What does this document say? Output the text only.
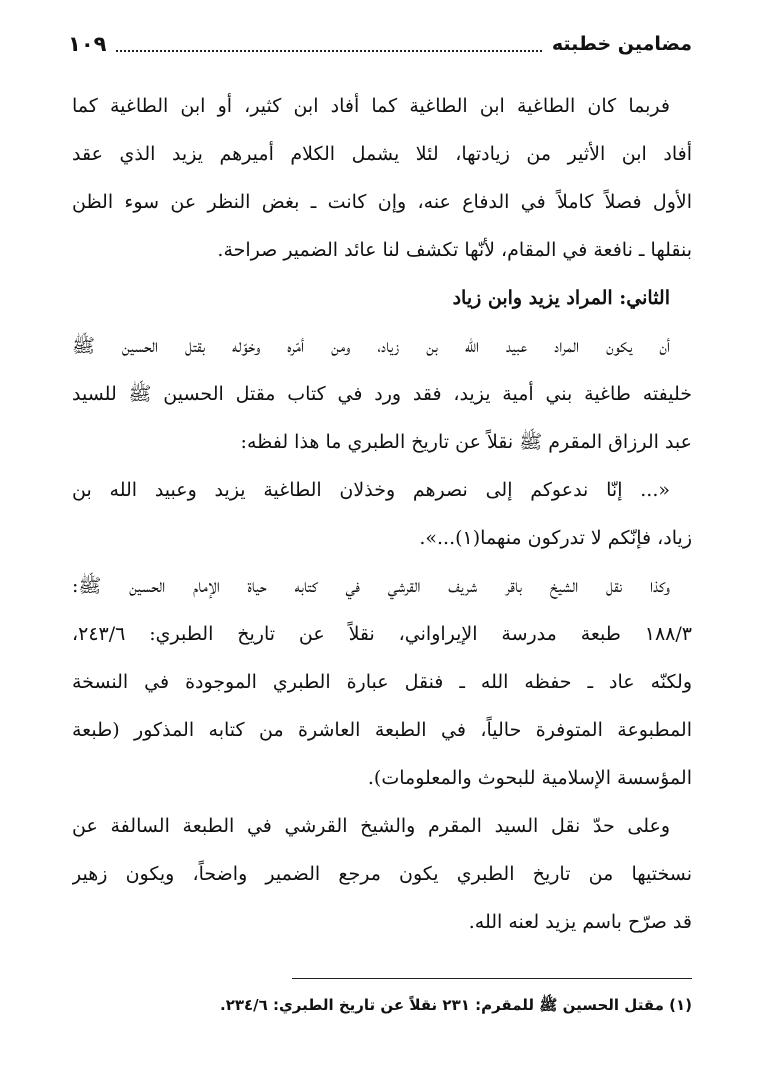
مضامين خطبته
١٠٩
فربما كان الطاغية ابن الطاغية كما أفاد ابن كثير، أو ابن الطاغية كما
أفاد ابن الأثير من زيادتها، لئلا يشمل الكلام أميرهم يزيد الذي عقد
الأول فصلاً كاملاً في الدفاع عنه، وإن كانت ـ بغض النظر عن سوء الظن
بنقلها ـ نافعة في المقام، لأنّها تكشف لنا عائد الضمير صراحة.
الثاني: المراد يزيد وابن زياد
أن يكون المراد عبيد الله بن زياد، ومن أمّره وخوّله بقتل الحسين ﷺ
خليفته طاغية بني أمية يزيد، فقد ورد في كتاب مقتل الحسين ﷺ للسيد
عبد الرزاق المقرم ﷺ نقلاً عن تاريخ الطبري ما هذا لفظه:
«... إنّا ندعوكم إلى نصرهم وخذلان الطاغية يزيد وعبيد الله بن
زياد، فإنّكم لا تدركون منهما(١)...».
وكذا نقل الشيخ باقر شريف القرشي في كتابه حياة الإمام الحسين ﷺ:
١٨٨/٣ طبعة مدرسة الإيراواني، نقلاً عن تاريخ الطبري: ٢٤٣/٦،
ولكنّه عاد ـ حفظه الله ـ فنقل عبارة الطبري الموجودة في النسخة
المطبوعة المتوفرة حالياً، في الطبعة العاشرة من كتابه المذكور (طبعة
المؤسسة الإسلامية للبحوث والمعلومات).
وعلى حدّ نقل السيد المقرم والشيخ القرشي في الطبعة السالفة عن
نسختيها من تاريخ الطبري يكون مرجع الضمير واضحاً، ويكون زهير
قد صرّح باسم يزيد لعنه الله.
(١) مقتل الحسين ﷺ للمقرم: ٢٣١ نقلاً عن تاريخ الطبري: ٢٣٤/٦.
